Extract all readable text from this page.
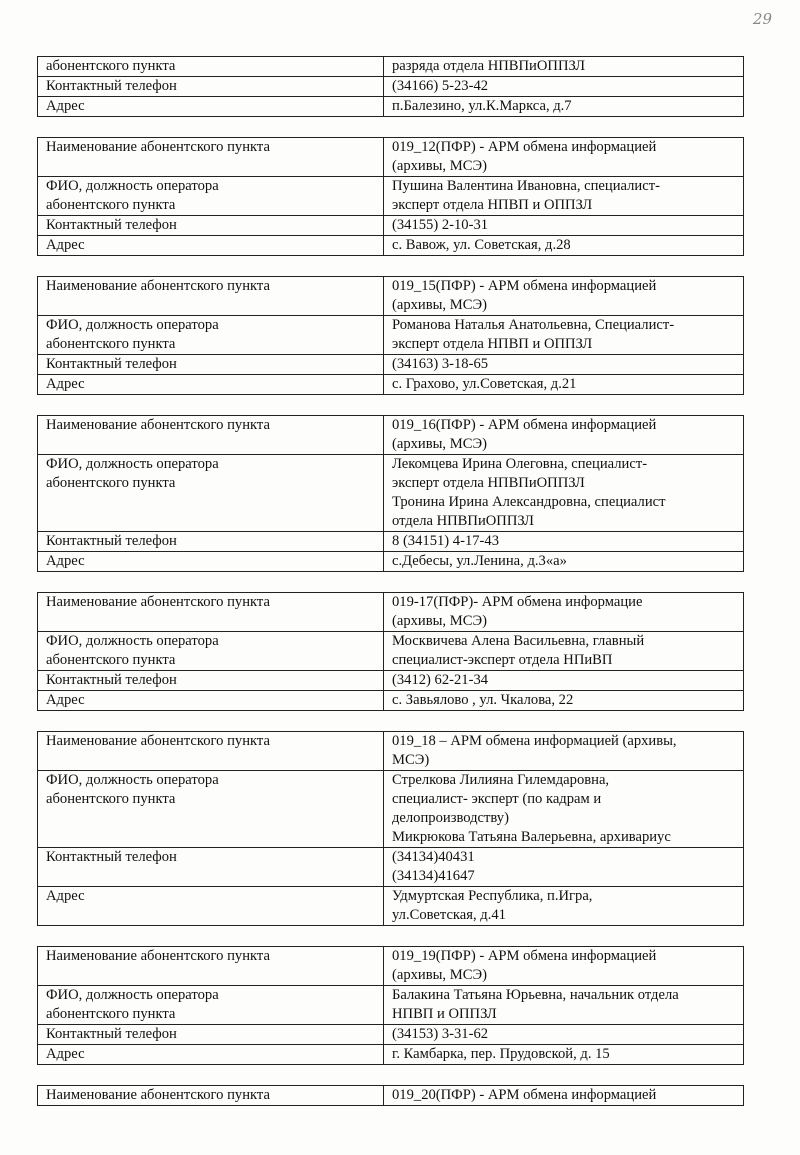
29
абонентского пункта	разряда отдела НПВПиОППЗЛ

Контактный телефон	(34166) 5-23-42

Адрес	п.Балезино, ул.К.Маркса, д.7
Наименование абонентского пункта	019_12(ПФР) - АРМ обмена информацией
(архивы, МСЭ)

ФИО, должность оператора
абонентского пункта	Пушина Валентина Ивановна, специалист-
эксперт отдела НПВП и ОППЗЛ

Контактный телефон	(34155) 2-10-31

Адрес	с. Вавож, ул. Советская, д.28
Наименование абонентского пункта	019_15(ПФР) - АРМ обмена информацией
(архивы, МСЭ)

ФИО, должность оператора
абонентского пункта	Романова Наталья Анатольевна, Специалист-
эксперт отдела НПВП и ОППЗЛ

Контактный телефон	(34163) 3-18-65

Адрес	с. Грахово, ул.Советская, д.21
Наименование абонентского пункта	019_16(ПФР) - АРМ обмена информацией
(архивы, МСЭ)

ФИО, должность оператора
абонентского пункта	Лекомцева Ирина Олеговна, специалист-
эксперт отдела НПВПиОППЗЛ
Тронина Ирина Александровна, специалист
отдела НПВПиОППЗЛ

Контактный телефон	8 (34151) 4-17-43

Адрес	с.Дебесы, ул.Ленина, д.3«а»
Наименование абонентского пункта	019-17(ПФР)- АРМ обмена информацие
(архивы, МСЭ)

ФИО, должность оператора
абонентского пункта	Москвичева Алена Васильевна, главный
специалист-эксперт отдела НПиВП

Контактный телефон	(3412) 62-21-34

Адрес	с. Завьялово , ул. Чкалова, 22
Наименование абонентского пункта	019_18 – АРМ обмена информацией (архивы,
МСЭ)

ФИО, должность оператора
абонентского пункта	Стрелкова Лилияна Гилемдаровна,
специалист- эксперт (по кадрам и
делопроизводству)
Микрюкова Татьяна Валерьевна, архивариус

Контактный телефон	(34134)40431
(34134)41647

Адрес	Удмуртская Республика, п.Игра,
ул.Советская, д.41
Наименование абонентского пункта	019_19(ПФР) - АРМ обмена информацией
(архивы, МСЭ)

ФИО, должность оператора
абонентского пункта	Балакина Татьяна Юрьевна, начальник отдела
НПВП и ОППЗЛ

Контактный телефон	(34153) 3-31-62

Адрес	г. Камбарка, пер. Прудовской, д. 15
Наименование абонентского пункта	019_20(ПФР) - АРМ обмена информацией
